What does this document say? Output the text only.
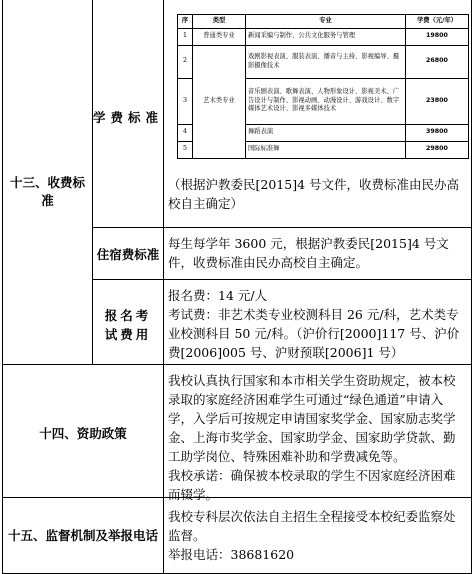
十三、收费标准
学费标准
序	类型	专业	学费（元/年）
1	普通类专业	新闻采编与制作、公共文化服务与管理	19800
2	艺术类专业	戏剧影视表演、服装表演、播音与主持、影视编导、摄影摄像技术	26800
3		音乐剧表演、歌舞表演、人物形象设计、影视美术、广告设计与制作、影视动画、动漫设计、游戏设计、数字媒体艺术设计、影视多媒体技术	23800
4		舞蹈表演	39800
5		国际标准舞	29800
（根据沪教委民[2015]4 号文件，收费标准由民办高校自主确定）
住宿费标准
每生每学年 3600 元，根据沪教委民[2015]4 号文件，收费标准由民办高校自主确定。
报名考试费用
报名费：14 元/人
考试费：非艺术类专业校测科目 26 元/科，艺术类专业校测科目 50 元/科。（沪价行[2000]117 号、沪价费[2006]005 号、沪财预联[2006]1 号）
十四、资助政策
我校认真执行国家和本市相关学生资助规定，被本校录取的家庭经济困难学生可通过“绿色通道”申请入学，入学后可按规定申请国家奖学金、国家励志奖学金、上海市奖学金、国家助学金、国家助学贷款、勤工助学岗位、特殊困难补助和学费减免等。
我校承诺：确保被本校录取的学生不因家庭经济困难而辍学。
十五、监督机制及举报电话
我校专科层次依法自主招生全程接受本校纪委监察处监督。
举报电话：38681620
